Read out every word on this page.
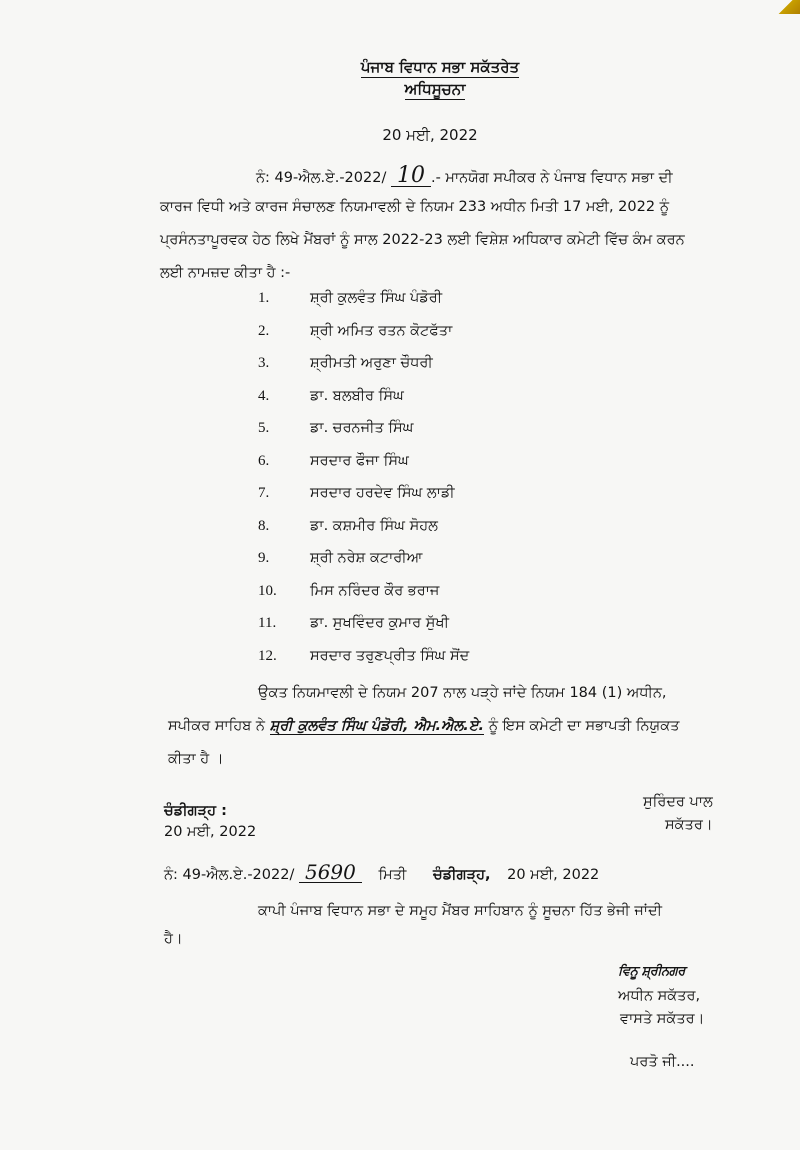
ਪੰਜਾਬ ਵਿਧਾਨ ਸਭਾ ਸਕੱਤਰੇਤ
ਅਧਿਸੂਚਨਾ
20 ਮਈ, 2022
ਨੰ: 49-ਐਲ.ਏ.-2022/ 10 .- ਮਾਨਯੋਗ ਸਪੀਕਰ ਨੇ ਪੰਜਾਬ ਵਿਧਾਨ ਸਭਾ ਦੀ
ਕਾਰਜ ਵਿਧੀ ਅਤੇ ਕਾਰਜ ਸੰਚਾਲਣ ਨਿਯਮਾਵਲੀ ਦੇ ਨਿਯਮ 233 ਅਧੀਨ ਮਿਤੀ 17 ਮਈ, 2022 ਨੂੰ
ਪ੍ਰਸੰਨਤਾਪੂਰਵਕ ਹੇਠ ਲਿਖੇ ਮੈਂਬਰਾਂ ਨੂੰ ਸਾਲ 2022-23 ਲਈ ਵਿਸ਼ੇਸ਼ ਅਧਿਕਾਰ ਕਮੇਟੀ ਵਿੱਚ ਕੰਮ ਕਰਨ
ਲਈ ਨਾਮਜ਼ਦ ਕੀਤਾ ਹੈ :-
1.	ਸ਼੍ਰੀ ਕੁਲਵੰਤ ਸਿੰਘ ਪੰਡੋਰੀ
2.	ਸ਼੍ਰੀ ਅਮਿਤ ਰਤਨ ਕੋਟਫੱਤਾ
3.	ਸ਼੍ਰੀਮਤੀ ਅਰੁਣਾ ਚੌਧਰੀ
4.	ਡਾ. ਬਲਬੀਰ ਸਿੰਘ
5.	ਡਾ. ਚਰਨਜੀਤ ਸਿੰਘ
6.	ਸਰਦਾਰ ਫੌਜਾ ਸਿੰਘ
7.	ਸਰਦਾਰ ਹਰਦੇਵ ਸਿੰਘ ਲਾਡੀ
8.	ਡਾ. ਕਸ਼ਮੀਰ ਸਿੰਘ ਸੋਹਲ
9.	ਸ਼੍ਰੀ ਨਰੇਸ਼ ਕਟਾਰੀਆ
10. ਮਿਸ ਨਰਿੰਦਰ ਕੌਰ ਭਰਾਜ
11. ਡਾ. ਸੁਖਵਿੰਦਰ ਕੁਮਾਰ ਸੁੱਖੀ
12. ਸਰਦਾਰ ਤਰੁਣਪ੍ਰੀਤ ਸਿੰਘ ਸੋਂਦ
ਉਕਤ ਨਿਯਮਾਵਲੀ ਦੇ ਨਿਯਮ 207 ਨਾਲ ਪੜ੍ਹੇ ਜਾਂਦੇ ਨਿਯਮ 184 (1) ਅਧੀਨ,
ਸਪੀਕਰ ਸਾਹਿਬ ਨੇ ਸ਼੍ਰੀ ਕੁਲਵੰਤ ਸਿੰਘ ਪੰਡੋਰੀ, ਐਮ.ਐਲ.ਏ. ਨੂੰ ਇਸ ਕਮੇਟੀ ਦਾ ਸਭਾਪਤੀ ਨਿਯੁਕਤ
ਕੀਤਾ ਹੈ ।
ਚੰਡੀਗੜ੍ਹ :
20 ਮਈ, 2022
ਸੁਰਿੰਦਰ ਪਾਲ
ਸਕੱਤਰ।
ਨੰ: 49-ਐਲ.ਏ.-2022/ 5690 ਮਿਤੀ ਚੰਡੀਗੜ੍ਹ, 20 ਮਈ, 2022
ਕਾਪੀ ਪੰਜਾਬ ਵਿਧਾਨ ਸਭਾ ਦੇ ਸਮੂਹ ਮੈਂਬਰ ਸਾਹਿਬਾਨ ਨੂੰ ਸੂਚਨਾ ਹਿੱਤ ਭੇਜੀ ਜਾਂਦੀ
ਹੈ।
ਵਿਨੂ ਸ਼੍ਰੀਨਗਰ
ਅਧੀਨ ਸਕੱਤਰ,
ਵਾਸਤੇ ਸਕੱਤਰ।
ਪਰਤੋ ਜੀ....
